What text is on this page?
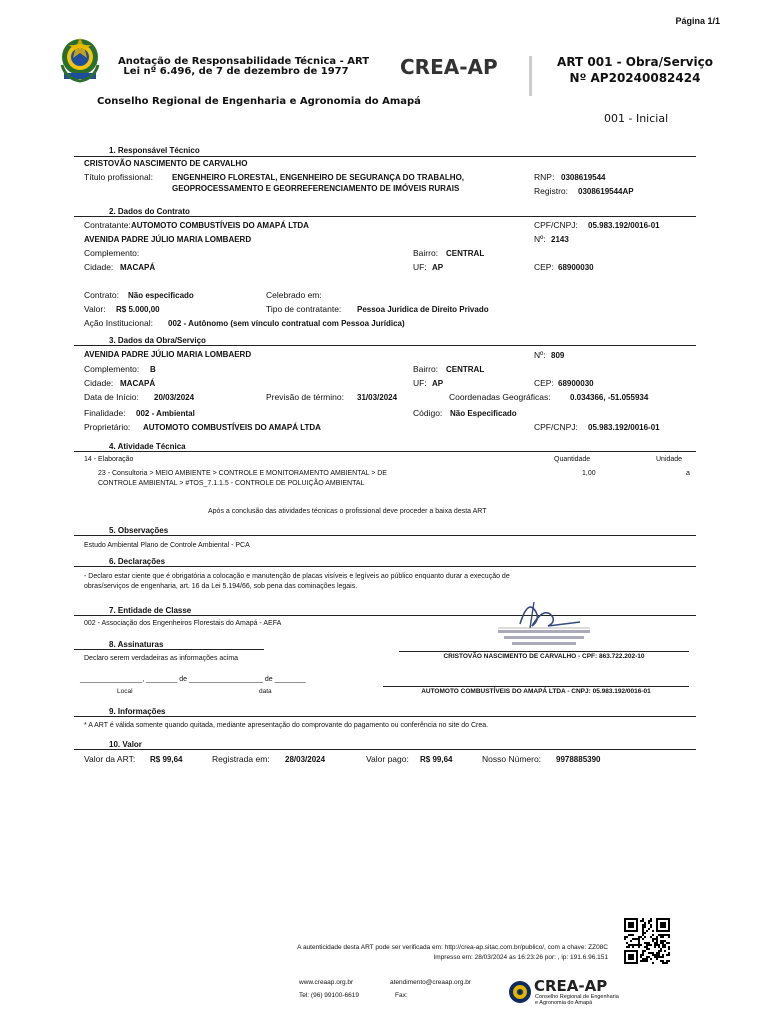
Página 1/1
Anotação de Responsabilidade Técnica - ART
Lei nº 6.496, de 7 de dezembro de 1977	CREA-AP	ART 001 - Obra/Serviço
Nº AP20240082424
Conselho Regional de Engenharia e Agronomia do Amapá
001 - Inicial
1. Responsável Técnico
CRISTOVÃO NASCIMENTO DE CARVALHO
Título profissional: ENGENHEIRO FLORESTAL, ENGENHEIRO DE SEGURANÇA DO TRABALHO,
GEOPROCESSAMENTO E GEORREFERENCIAMENTO DE IMÓVEIS RURAIS
RNP: 0308619544
Registro: 0308619544AP
2. Dados do Contrato
Contratante: AUTOMOTO COMBUSTÍVEIS DO AMAPÁ LTDA	CPF/CNPJ: 05.983.192/0016-01
AVENIDA PADRE JÚLIO MARIA LOMBAERD	Nº: 2143
Complemento:	Bairro: CENTRAL
Cidade: MACAPÁ	UF: AP	CEP: 68900030
Contrato: Não especificado	Celebrado em:
Valor: R$ 5.000,00	Tipo de contratante: Pessoa Juridica de Direito Privado
Ação Institucional: 002 - Autônomo (sem vínculo contratual com Pessoa Jurídica)
3. Dados da Obra/Serviço
AVENIDA PADRE JÚLIO MARIA LOMBAERD	Nº: 809
Complemento: B	Bairro: CENTRAL
Cidade: MACAPÁ	UF: AP	CEP: 68900030
Data de Início: 20/03/2024	Previsão de término: 31/03/2024	Coordenadas Geográficas: 0.034366, -51.055934
Finalidade: 002 - Ambiental	Código: Não Especificado
Proprietário: AUTOMOTO COMBUSTÍVEIS DO AMAPÁ LTDA	CPF/CNPJ: 05.983.192/0016-01
4. Atividade Técnica
14 - Elaboração	Quantidade	Unidade
23 - Consultoria > MEIO AMBIENTE > CONTROLE E MONITORAMENTO AMBIENTAL > DE
CONTROLE AMBIENTAL > #TOS_7.1.1.5 - CONTROLE DE POLUIÇÃO AMBIENTAL
1,00	a
Após a conclusão das atividades técnicas o profissional deve proceder a baixa desta ART
5. Observações
Estudo Ambiental Plano de Controle Ambiental - PCA
6. Declarações
- Declaro estar ciente que é obrigatória a colocação e manutenção de placas visíveis e legíveis ao público enquanto durar a execução de
obras/serviços de engenharia, art. 16 da Lei 5.194/66, sob pena das cominações legais.
7. Entidade de Classe
002 - Associação dos Engenheiros Florestais do Amapá - AEFA
8. Assinaturas
Declaro serem verdadeiras as informações acima	CRISTOVÃO NASCIMENTO DE CARVALHO - CPF: 863.722.202-10
________________, ________ de ___________________ de ________
Local	data	AUTOMOTO COMBUSTÍVEIS DO AMAPÁ LTDA - CNPJ: 05.983.192/0016-01
9. Informações
* A ART é válida somente quando quitada, mediante apresentação do comprovante do pagamento ou conferência no site do Crea.
10. Valor
Valor da ART: R$ 99,64	Registrada em: 28/03/2024	Valor pago: R$ 99,64	Nosso Número: 9978885390
A autenticidade desta ART pode ser verificada em: http://crea-ap.sitac.com.br/publico/, com a chave: ZZ08C
Impresso em: 28/03/2024 as 16:23:26 por: , ip: 191.6.96.151
www.creaap.org.br	atendimento@creaap.org.br
Tel: (96) 99100-6619	Fax:
CREA-AP
Conselho Regional de Engenharia
e Agronomia do Amapá
